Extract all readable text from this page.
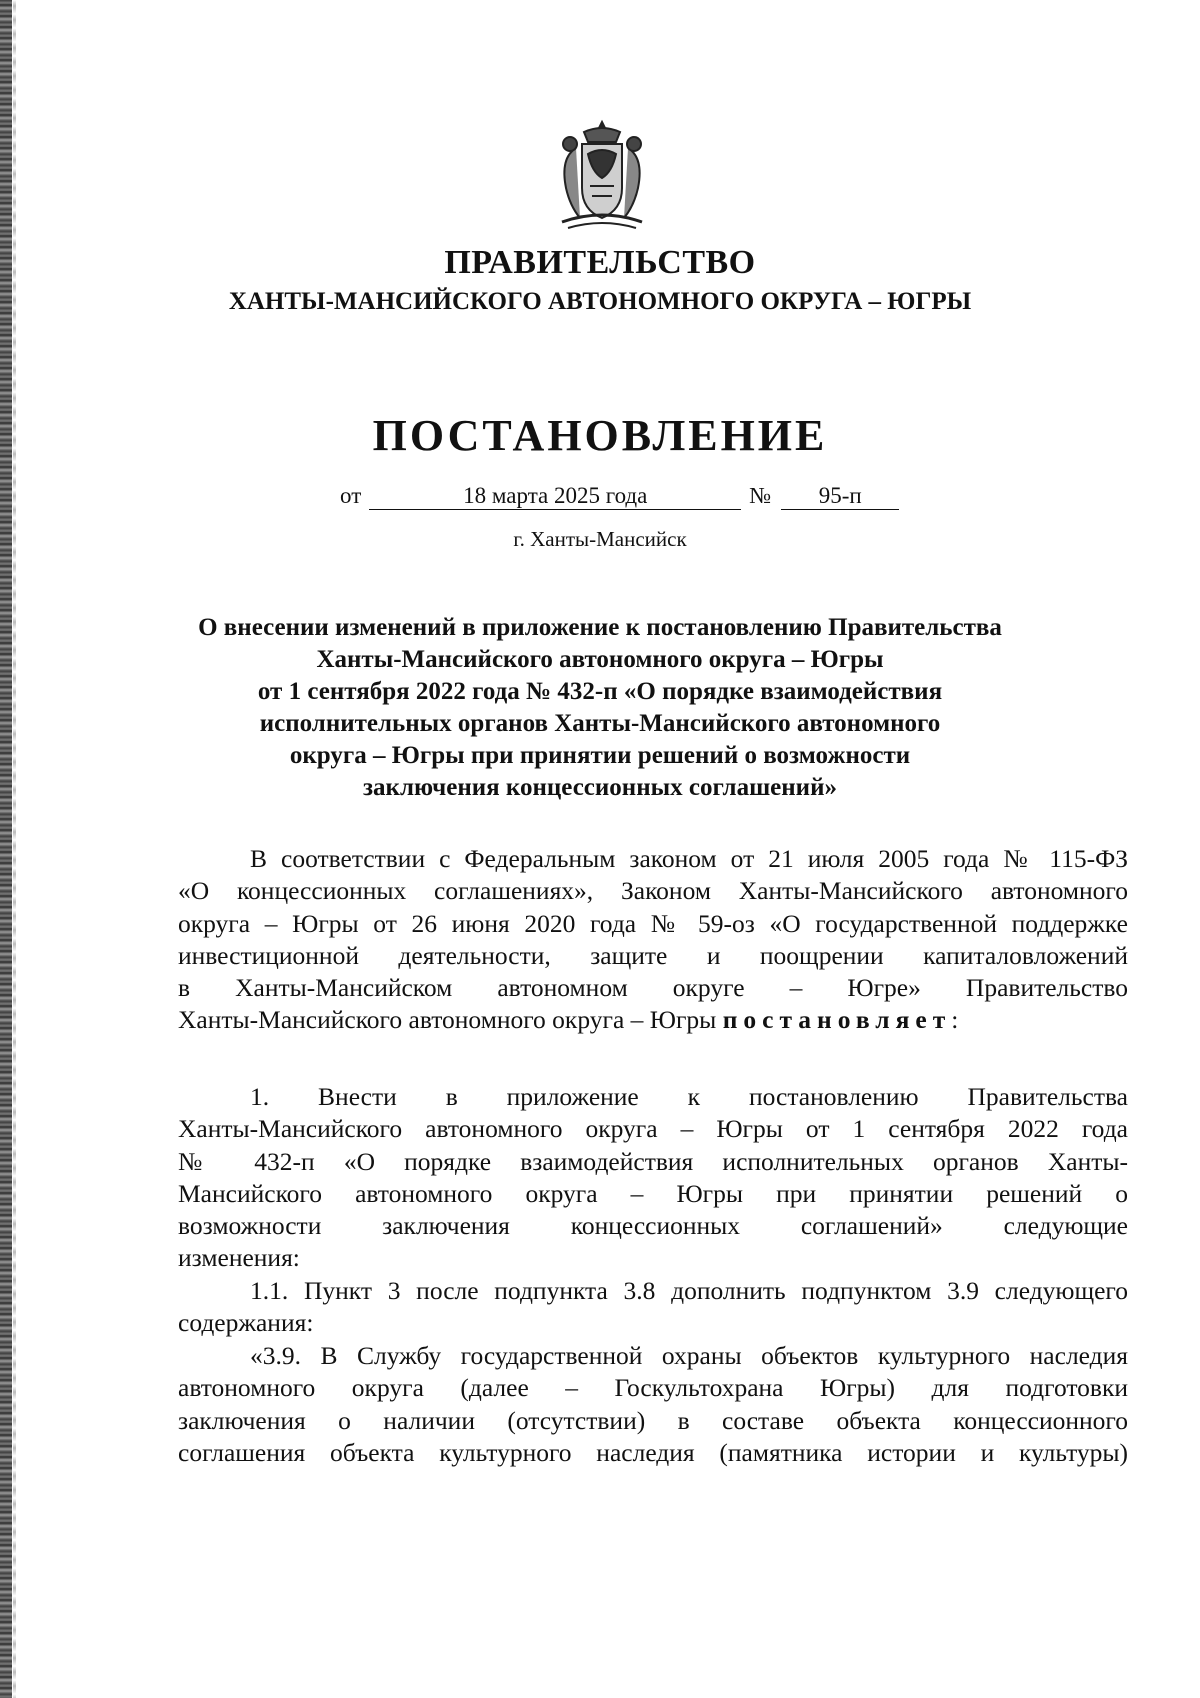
ПРАВИТЕЛЬСТВО
ХАНТЫ-МАНСИЙСКОГО АВТОНОМНОГО ОКРУГА – ЮГРЫ
ПОСТАНОВЛЕНИЕ
от	18 марта 2025 года	№ 95-п
г. Ханты-Мансийск
О внесении изменений в приложение к постановлению Правительства
Ханты-Мансийского автономного округа – Югры
от 1 сентября 2022 года № 432-п «О порядке взаимодействия
исполнительных органов Ханты-Мансийского автономного
округа – Югры при принятии решений о возможности
заключения концессионных соглашений»
В соответствии с Федеральным законом от 21 июля 2005 года № 115-ФЗ
«О концессионных соглашениях», Законом Ханты-Мансийского автономного
округа – Югры от 26 июня 2020 года № 59-оз «О государственной поддержке
инвестиционной деятельности, защите и поощрении капиталовложений
в Ханты-Мансийском автономном округе – Югре» Правительство
Ханты-Мансийского автономного округа – Югры постановляет:
1. Внести в приложение к постановлению Правительства
Ханты-Мансийского автономного округа – Югры от 1 сентября 2022 года
№ 432-п «О порядке взаимодействия исполнительных органов Ханты-
Мансийского автономного округа – Югры при принятии решений о
возможности заключения концессионных соглашений» следующие
изменения:
1.1. Пункт 3 после подпункта 3.8 дополнить подпунктом 3.9 следующего
содержания:
«3.9. В Службу государственной охраны объектов культурного наследия
автономного округа (далее – Госкультохрана Югры) для подготовки
заключения о наличии (отсутствии) в составе объекта концессионного
соглашения объекта культурного наследия (памятника истории и культуры)
